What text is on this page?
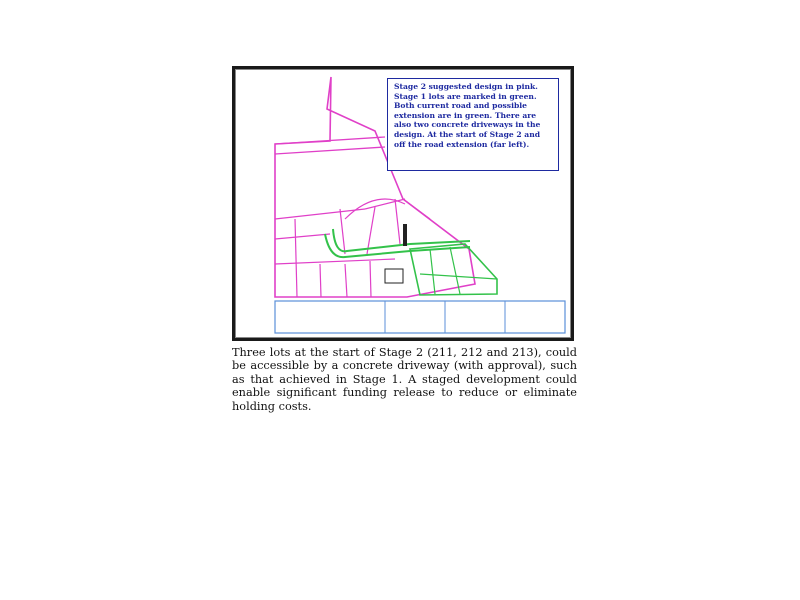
Stage 2 suggested design in pink. Stage 1 lots are marked in green. Both current road and possible extension are in green. There are also two concrete driveways in the design. At the start of Stage 2 and off the road extension (far left).

Three lots at the start of Stage 2 (211, 212 and 213), could be accessible by a concrete driveway (with approval), such as that achieved in Stage 1. A staged development could enable significant funding release to reduce or eliminate holding costs.
